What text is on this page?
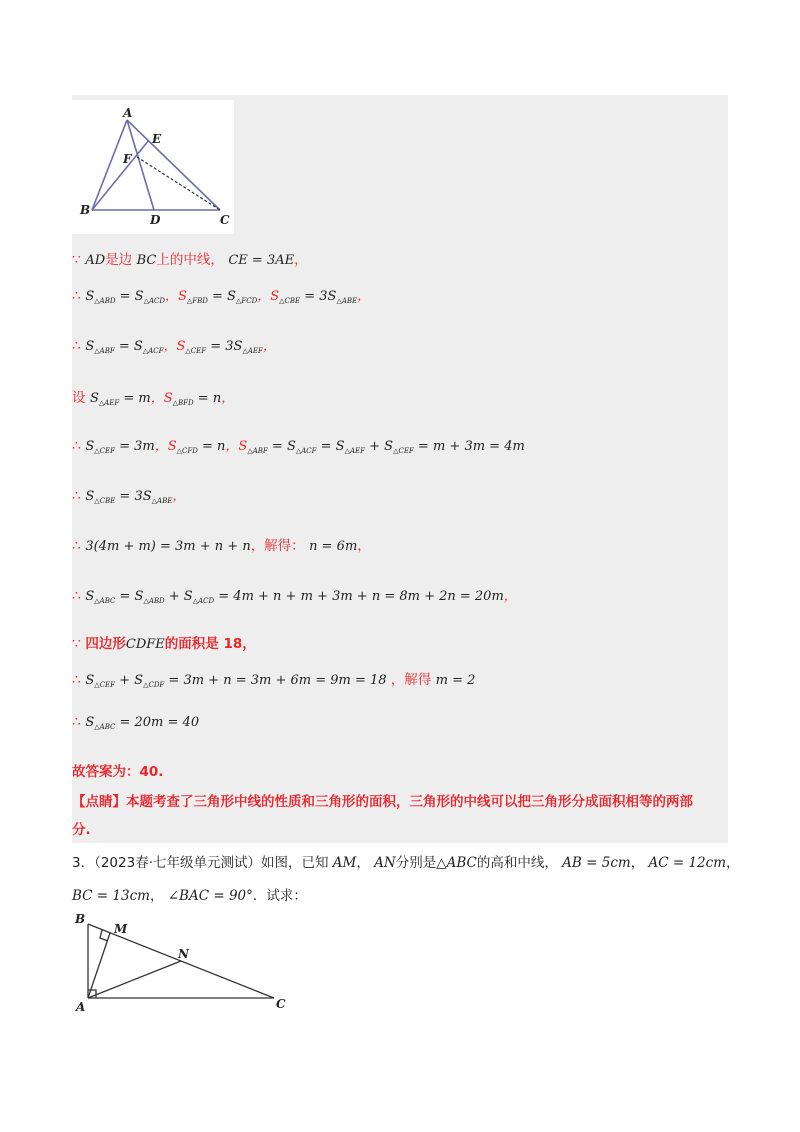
A
E
F
B
D	C
∵ AD是边 BC上的中线， CE = 3AE，
∴ $S_{\triangle ABD} = S_{\triangle ACD}$，$S_{\triangle FBD} = S_{\triangle FCD}$，$S_{\triangle CBE} = 3S_{\triangle ABE}$，
∴ $S_{\triangle ABF} = S_{\triangle ACF}$，$S_{\triangle CEF} = 3S_{\triangle AEF}$，
设 $S_{\triangle AEF} = m$，$S_{\triangle BFD} = n$，
∴ $S_{\triangle CEF} = 3m$，$S_{\triangle CFD} = n$，$S_{\triangle ABF} = S_{\triangle ACF} = S_{\triangle AEF} + S_{\triangle CEF} = m + 3m = 4m$
∴ $S_{\triangle CBE} = 3S_{\triangle ABE}$，
∴ 3(4m + m) = 3m + n + n，解得： n = 6m，
∴ $S_{\triangle ABC} = S_{\triangle ABD} + S_{\triangle ACD} = 4m + n + m + 3m + n = 8m + 2n = 20m$，
∵ 四边形CDFE的面积是 18，
∴ $S_{\triangle CEF} + S_{\triangle CDF} = 3m + n = 3m + 6m = 9m = 18$ ，解得 m = 2
∴ $S_{\triangle ABC} = 20m = 40$
故答案为：40.
【点睛】本题考查了三角形中线的性质和三角形的面积，三角形的中线可以把三角形分成面积相等的两部
分.
3．（2023春·七年级单元测试）如图，已知 AM， AN分别是△ABC的高和中线， AB = 5cm， AC = 12cm，
BC = 13cm， ∠BAC = 90°．试求：
B
M
N
A	C
